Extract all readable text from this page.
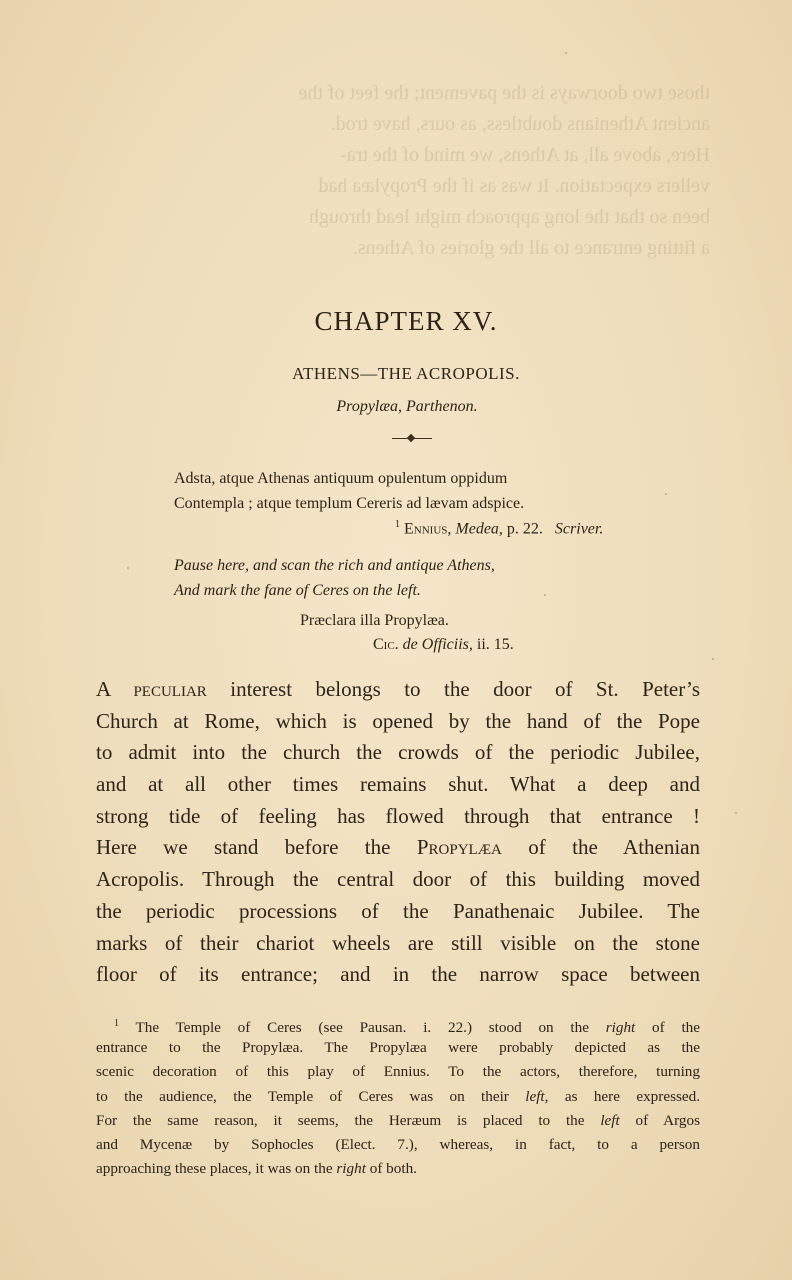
those two doorways is the pavement; the feet of the
ancient Athenians doubtless, as ours, have trod.
Here, above all, at Athens, we mind of the tra-
vellers expectation. It was as if the Propylæa had
been so that the long approach might lead through
a fitting entrance to all the glories of Athens.
CHAPTER XV.
ATHENS—THE ACROPOLIS.
Propylæa, Parthenon.
Adsta, atque Athenas antiquum opulentum oppidum
Contempla ; atque templum Cereris ad lævam adspice.
$^1$ Ennius, Medea, p. 22. Scriver.
Pause here, and scan the rich and antique Athens,
And mark the fane of Ceres on the left.
Præclara illa Propylæa.
Cic. de Officiis, ii. 15.
A peculiar interest belongs to the door of St. Peter’s
Church at Rome, which is opened by the hand of the Pope
to admit into the church the crowds of the periodic Jubilee,
and at all other times remains shut. What a deep and
strong tide of feeling has flowed through that entrance !
Here we stand before the Propylæa of the Athenian
Acropolis. Through the central door of this building moved
the periodic processions of the Panathenaic Jubilee. The
marks of their chariot wheels are still visible on the stone
floor of its entrance; and in the narrow space between
$^1$ The Temple of Ceres (see Pausan. i. 22.) stood on the right of the
entrance to the Propylæa. The Propylæa were probably depicted as the
scenic decoration of this play of Ennius. To the actors, therefore, turning
to the audience, the Temple of Ceres was on their left, as here expressed.
For the same reason, it seems, the Heræum is placed to the left of Argos
and Mycenæ by Sophocles (Elect. 7.), whereas, in fact, to a person
approaching these places, it was on the right of both.
